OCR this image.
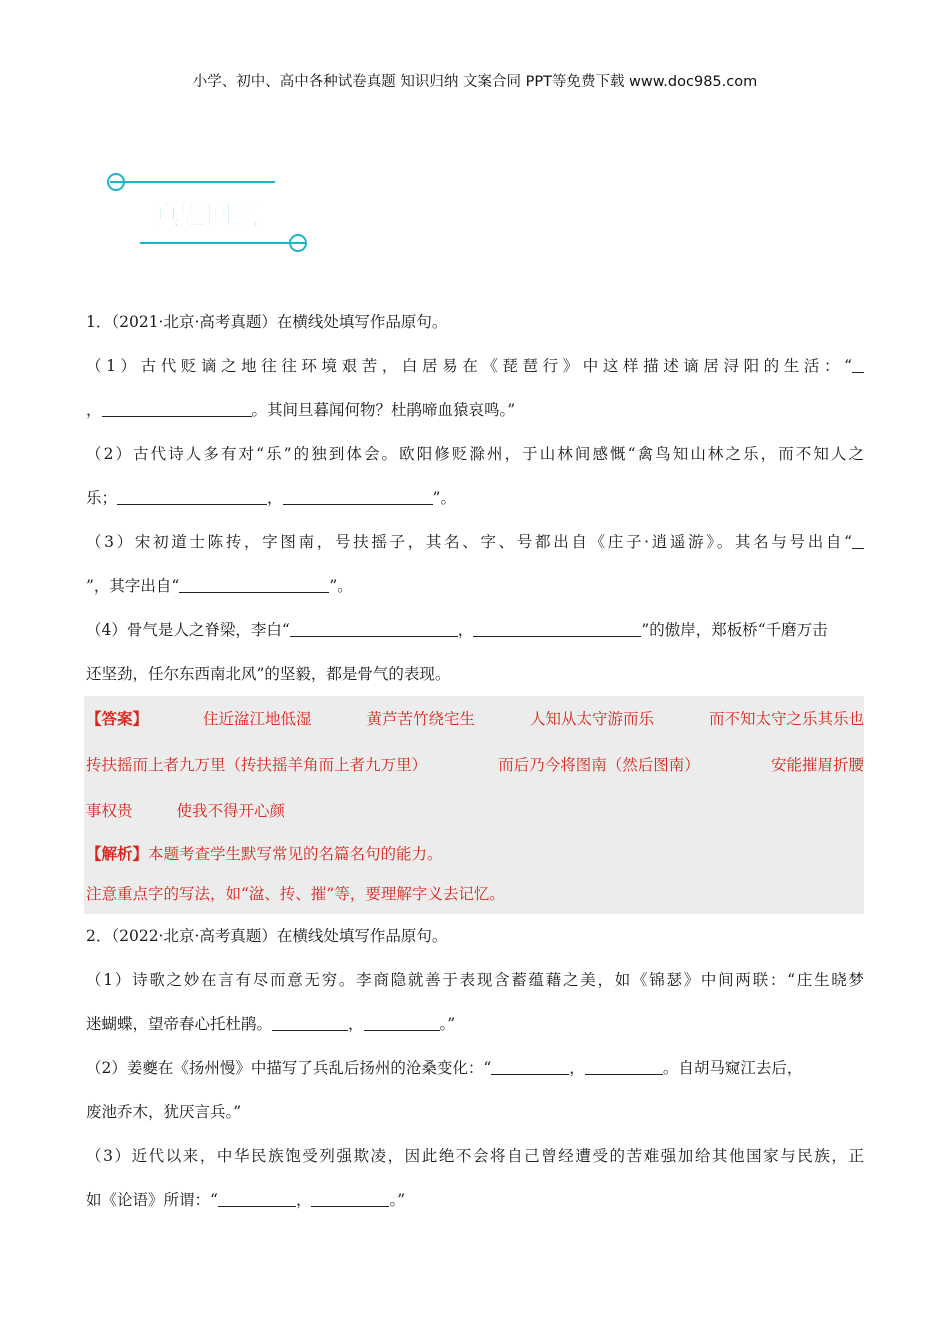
小学、初中、高中各种试卷真题 知识归纳 文案合同 PPT等免费下载 www.doc985.com
真题回顾
1．（2021·北京·高考真题）在横线处填写作品原句。
（1）古代贬谪之地往往环境艰苦，白居易在《琵琶行》中这样描述谪居浔阳的生活：“
，	。其间旦暮闻何物？杜鹃啼血猿哀鸣。”
（2）古代诗人多有对“乐”的独到体会。欧阳修贬滁州，于山林间感慨“禽鸟知山林之乐，而不知人之
乐；	，	”。
（3）宋初道士陈抟，字图南，号扶摇子，其名、字、号都出自《庄子·逍遥游》。其名与号出自“
”，其字出自“	”。
（4）骨气是人之脊梁，李白“	，	”的傲岸，郑板桥“千磨万击
还坚劲，任尔东西南北风”的坚毅，都是骨气的表现。
【答案】	住近湓江地低湿	黄芦苦竹绕宅生	人知从太守游而乐	而不知太守之乐其乐也
抟扶摇而上者九万里（抟扶摇羊角而上者九万里）	而后乃今将图南（然后图南）	安能摧眉折腰
事权贵	使我不得开心颜
【解析】本题考查学生默写常见的名篇名句的能力。
注意重点字的写法，如“湓、抟、摧”等，要理解字义去记忆。
2．（2022·北京·高考真题）在横线处填写作品原句。
（1）诗歌之妙在言有尽而意无穷。李商隐就善于表现含蓄蕴藉之美，如《锦瑟》中间两联：“庄生晓梦
迷蝴蝶，望帝春心托杜鹃。	，	。”
（2）姜夔在《扬州慢》中描写了兵乱后扬州的沧桑变化：“	，	。自胡马窥江去后，
废池乔木，犹厌言兵。”
（3）近代以来，中华民族饱受列强欺凌，因此绝不会将自己曾经遭受的苦难强加给其他国家与民族，正
如《论语》所谓：“	，	。”
